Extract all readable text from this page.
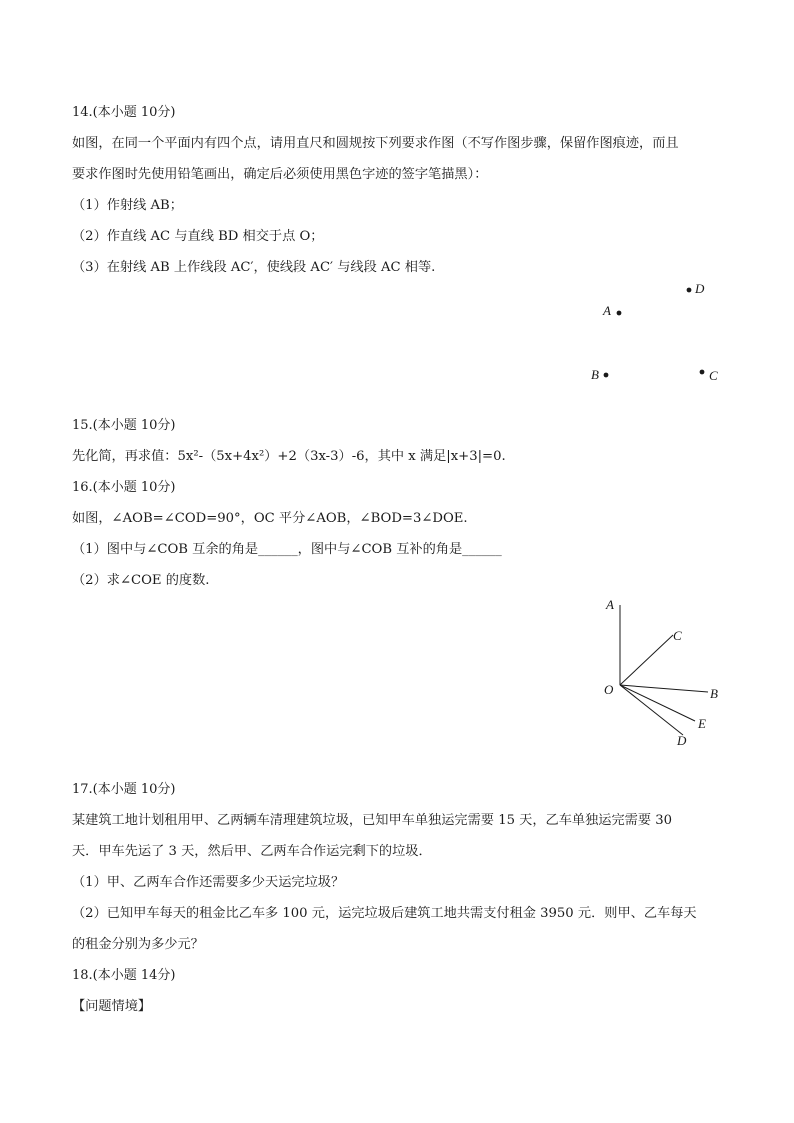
14.(本小题 10分)
如图，在同一个平面内有四个点，请用直尺和圆规按下列要求作图（不写作图步骤，保留作图痕迹，而且
要求作图时先使用铅笔画出，确定后必须使用黑色字迹的签字笔描黑）：
（1）作射线 AB；
（2）作直线 AC 与直线 BD 相交于点 O；
（3）在射线 AB 上作线段 AC′，使线段 AC′ 与线段 AC 相等.
D
A
B	C
15.(本小题 10分)
先化简，再求值：5x²-（5x+4x²）+2（3x-3）-6，其中 x 满足|x+3|=0.
16.(本小题 10分)
如图，∠AOB=∠COD=90°，OC 平分∠AOB，∠BOD=3∠DOE.
（1）图中与∠COB 互余的角是______，图中与∠COB 互补的角是______
（2）求∠COE 的度数.
A
C
O	B
E
D
17.(本小题 10分)
某建筑工地计划租用甲、乙两辆车清理建筑垃圾，已知甲车单独运完需要 15 天，乙车单独运完需要 30
天．甲车先运了 3 天，然后甲、乙两车合作运完剩下的垃圾．
（1）甲、乙两车合作还需要多少天运完垃圾？
（2）已知甲车每天的租金比乙车多 100 元，运完垃圾后建筑工地共需支付租金 3950 元．则甲、乙车每天
的租金分别为多少元？
18.(本小题 14分)
【问题情境】
